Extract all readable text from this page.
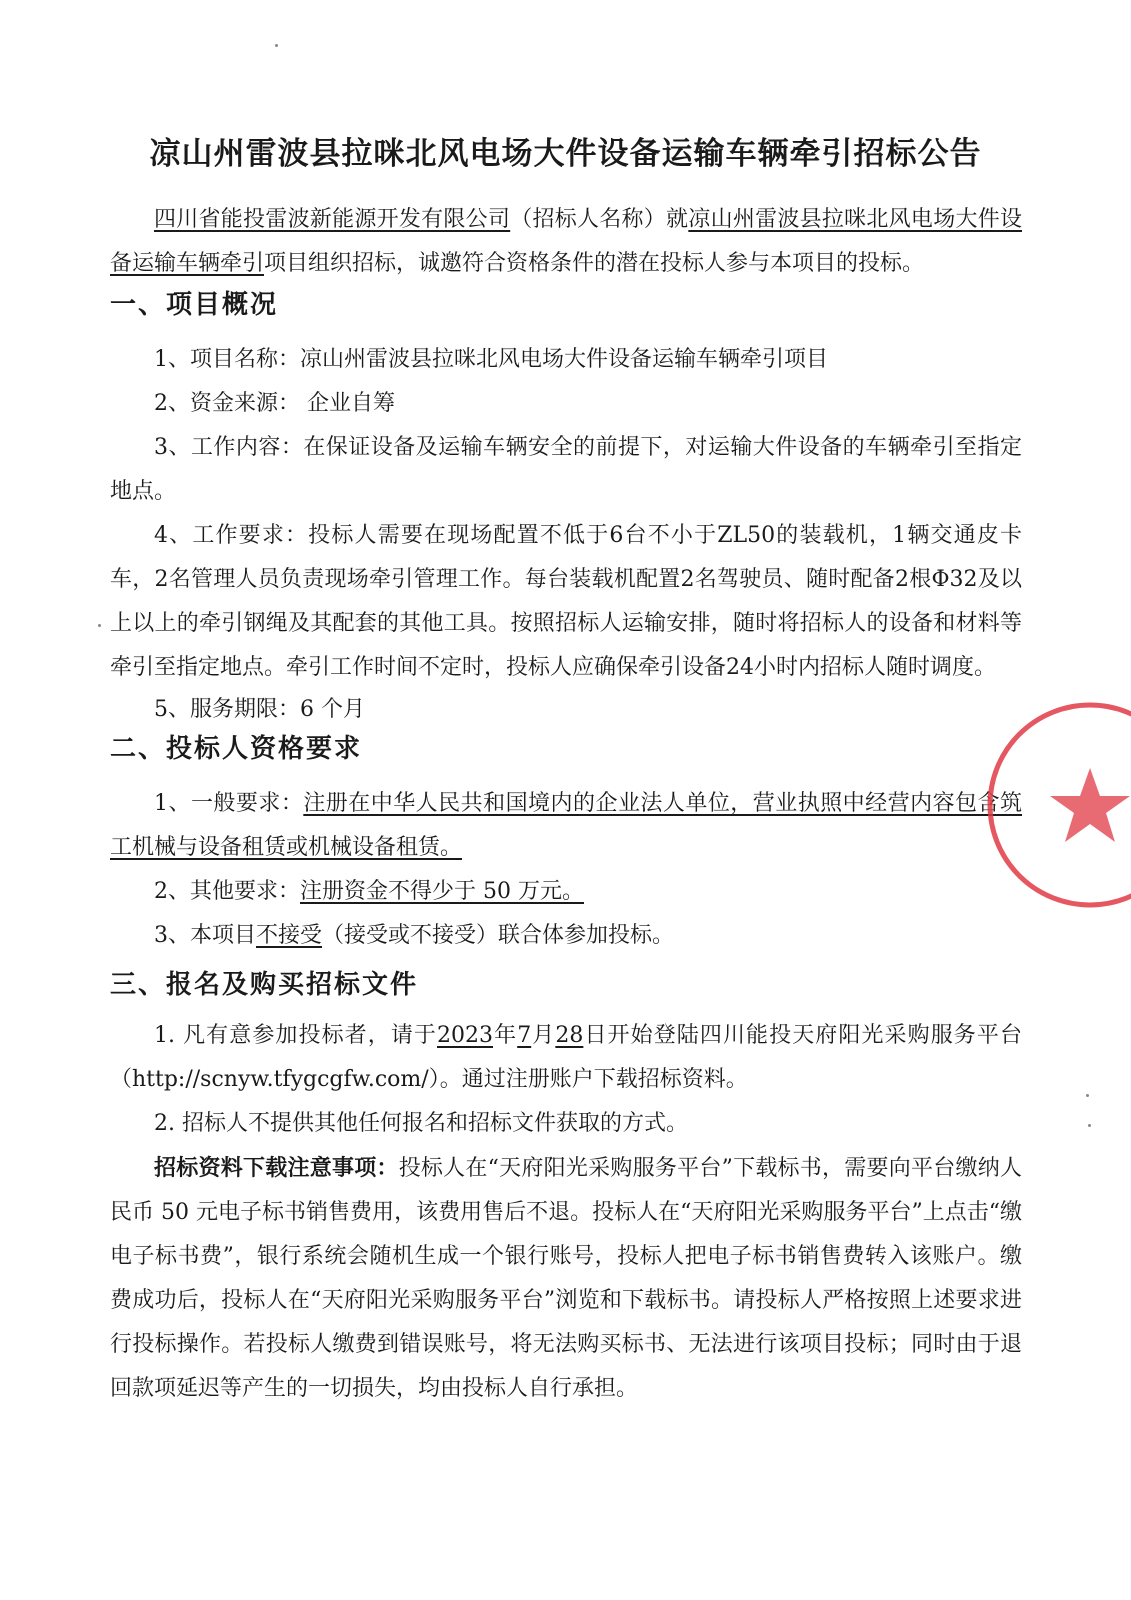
凉山州雷波县拉咪北风电场大件设备运输车辆牵引招标公告
四川省能投雷波新能源开发有限公司（招标人名称）就凉山州雷波县拉咪北风电场大件设备运输车辆牵引项目组织招标，诚邀符合资格条件的潜在投标人参与本项目的投标。
一、项目概况
1、项目名称：凉山州雷波县拉咪北风电场大件设备运输车辆牵引项目
2、资金来源： 企业自筹
3、工作内容：在保证设备及运输车辆安全的前提下，对运输大件设备的车辆牵引至指定地点。
4、工作要求：投标人需要在现场配置不低于6台不小于ZL50的装载机，1辆交通皮卡车，2名管理人员负责现场牵引管理工作。每台装载机配置2名驾驶员、随时配备2根Φ32及以上以上的牵引钢绳及其配套的其他工具。按照招标人运输安排，随时将招标人的设备和材料等牵引至指定地点。牵引工作时间不定时，投标人应确保牵引设备24小时内招标人随时调度。
5、服务期限：6 个月
二、投标人资格要求
1、一般要求：注册在中华人民共和国境内的企业法人单位，营业执照中经营内容包含筑工机械与设备租赁或机械设备租赁。
2、其他要求：注册资金不得少于 50 万元。
3、本项目不接受（接受或不接受）联合体参加投标。
三、报名及购买招标文件
1. 凡有意参加投标者，请于2023年7月28日开始登陆四川能投天府阳光采购服务平台（http://scnyw.tfygcgfw.com/）。通过注册账户下载招标资料。
2. 招标人不提供其他任何报名和招标文件获取的方式。
招标资料下载注意事项：投标人在“天府阳光采购服务平台”下载标书，需要向平台缴纳人民币 50 元电子标书销售费用，该费用售后不退。投标人在“天府阳光采购服务平台”上点击“缴电子标书费”，银行系统会随机生成一个银行账号，投标人把电子标书销售费转入该账户。缴费成功后，投标人在“天府阳光采购服务平台”浏览和下载标书。请投标人严格按照上述要求进行投标操作。若投标人缴费到错误账号，将无法购买标书、无法进行该项目投标；同时由于退回款项延迟等产生的一切损失，均由投标人自行承担。
